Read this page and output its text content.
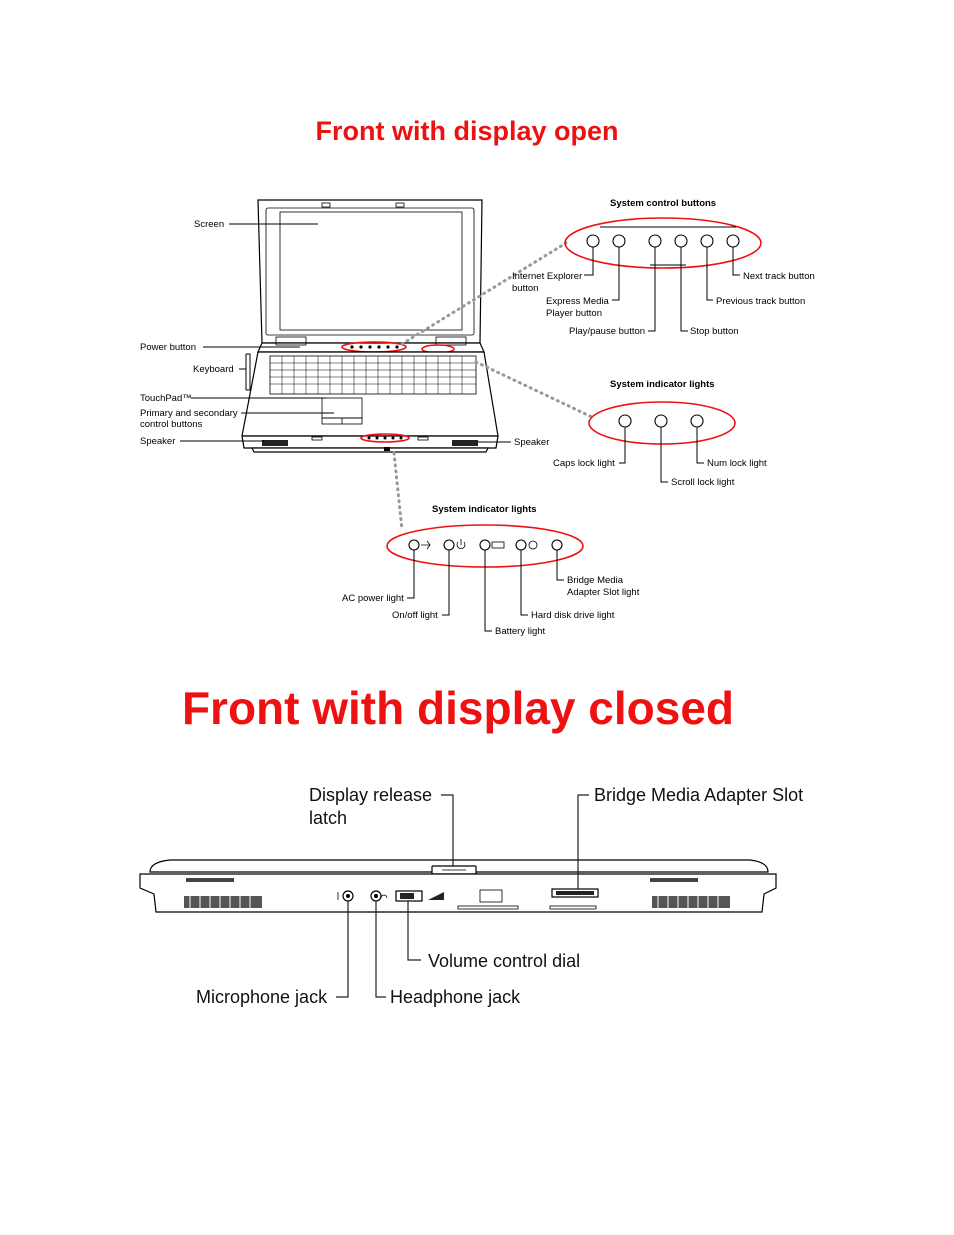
Front with display open
Front with display closed
Screen
Power button
Keyboard
TouchPad™
Primary and secondary
control buttons
Speaker	Speaker
System control buttons
Internet Explorer
button
Express Media
Player button
Play/pause button	Stop button
Previous track button
Next track button
System indicator lights
Caps lock light
Scroll lock light
Num lock light
System indicator lights
AC power light
On/off light
Battery light
Hard disk drive light
Bridge Media
Adapter Slot light
Display release
latch
Bridge Media Adapter Slot
Volume control dial
Microphone jack	Headphone jack
